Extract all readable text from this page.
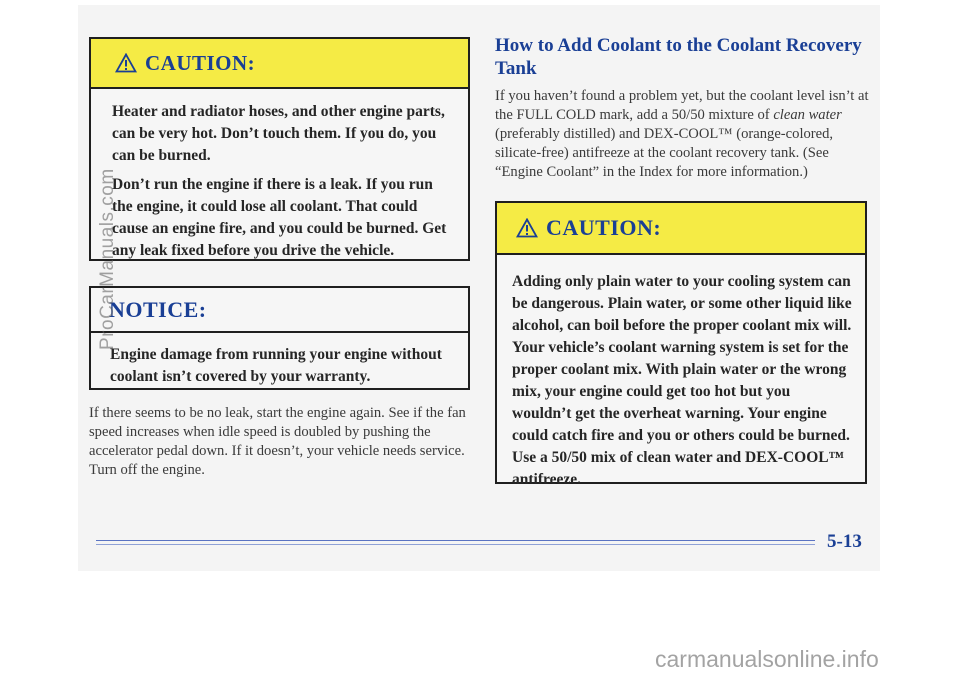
CAUTION:

Heater and radiator hoses, and other engine parts, can be very hot. Don’t touch them. If you do, you can be burned.

Don’t run the engine if there is a leak. If you run the engine, it could lose all coolant. That could cause an engine fire, and you could be burned. Get any leak fixed before you drive the vehicle.

NOTICE:

Engine damage from running your engine without coolant isn’t covered by your warranty.

If there seems to be no leak, start the engine again. See if the fan speed increases when idle speed is doubled by pushing the accelerator pedal down. If it doesn’t, your vehicle needs service. Turn off the engine.
How to Add Coolant to the Coolant Recovery Tank
If you haven’t found a problem yet, but the coolant level isn’t at the FULL COLD mark, add a 50/50 mixture of clean water (preferably distilled) and DEX-COOL™ (orange-colored, silicate-free) antifreeze at the coolant recovery tank. (See “Engine Coolant” in the Index for more information.)
CAUTION:

Adding only plain water to your cooling system can be dangerous. Plain water, or some other liquid like alcohol, can boil before the proper coolant mix will. Your vehicle’s coolant warning system is set for the proper coolant mix. With plain water or the wrong mix, your engine could get too hot but you wouldn’t get the overheat warning. Your engine could catch fire and you or others could be burned. Use a 50/50 mix of clean water and DEX-COOL™ antifreeze.

5-13
ProCarManuals.com
carmanualsonline.info
